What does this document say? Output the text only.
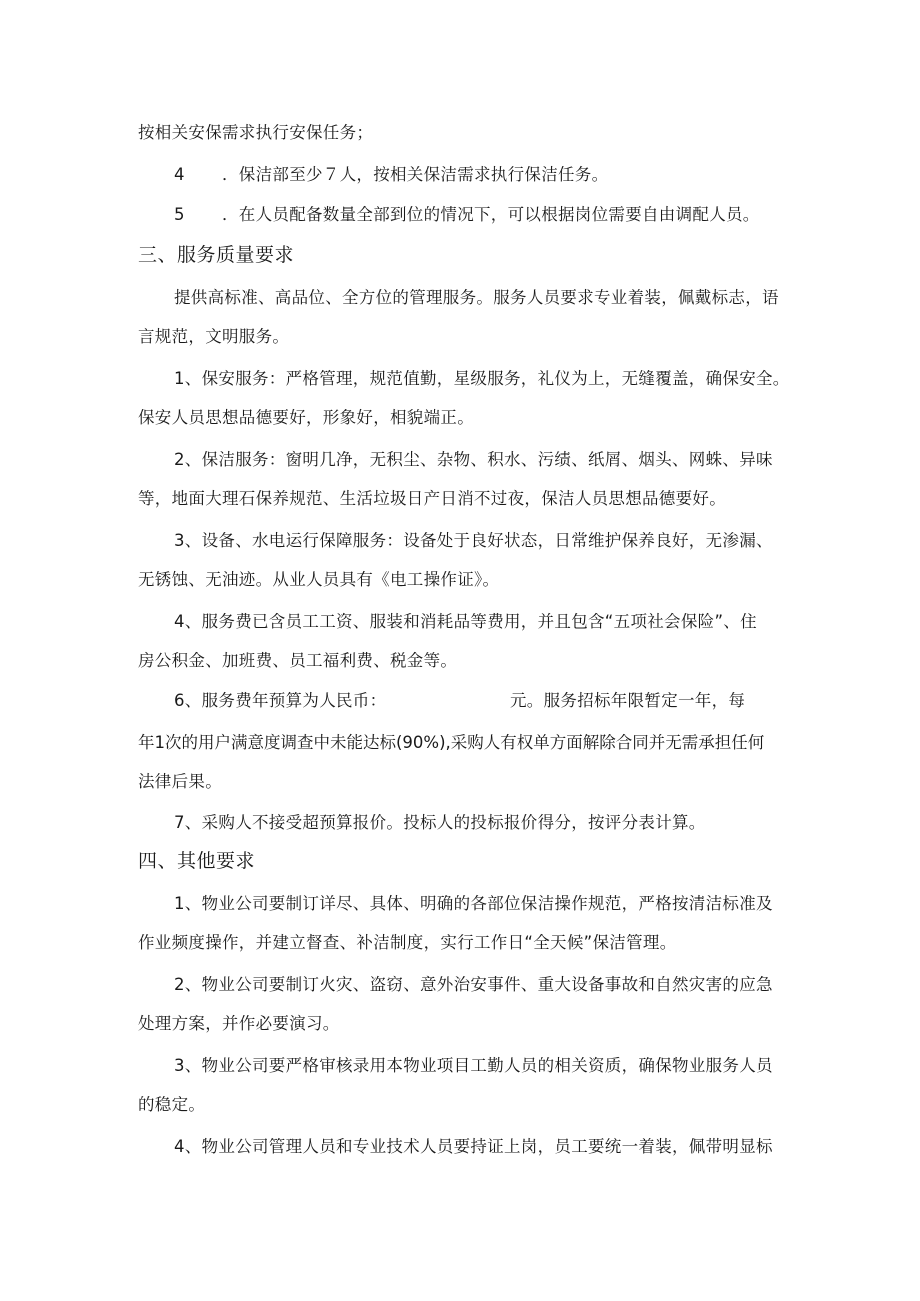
按相关安保需求执行安保任务；
4 ．保洁部至少７人，按相关保洁需求执行保洁任务。
5 ．在人员配备数量全部到位的情况下，可以根据岗位需要自由调配人员。
三、服务质量要求
提供高标准、高品位、全方位的管理服务。服务人员要求专业着装，佩戴标志，语
言规范，文明服务。
1、保安服务：严格管理，规范值勤，星级服务，礼仪为上，无缝覆盖，确保安全。
保安人员思想品德要好，形象好，相貌端正。
2、保洁服务：窗明几净，无积尘、杂物、积水、污绩、纸屑、烟头、网蛛、异味
等，地面大理石保养规范、生活垃圾日产日消不过夜，保洁人员思想品德要好。
3、设备、水电运行保障服务：设备处于良好状态，日常维护保养良好，无渗漏、
无锈蚀、无油迹。从业人员具有《电工操作证》。
4、服务费已含员工工资、服装和消耗品等费用，并且包含“五项社会保险”、住
房公积金、加班费、员工福利费、税金等。
6、服务费年预算为人民币：	元。服务招标年限暂定一年，每
年1次的用户满意度调查中未能达标(90%),采购人有权单方面解除合同并无需承担任何
法律后果。
7、采购人不接受超预算报价。投标人的投标报价得分，按评分表计算。
四、其他要求
1、物业公司要制订详尽、具体、明确的各部位保洁操作规范，严格按清洁标准及
作业频度操作，并建立督查、补洁制度，实行工作日“全天候”保洁管理。
2、物业公司要制订火灾、盗窃、意外治安事件、重大设备事故和自然灾害的应急
处理方案，并作必要演习。
3、物业公司要严格审核录用本物业项目工勤人员的相关资质，确保物业服务人员
的稳定。
4、物业公司管理人员和专业技术人员要持证上岗，员工要统一着装，佩带明显标
